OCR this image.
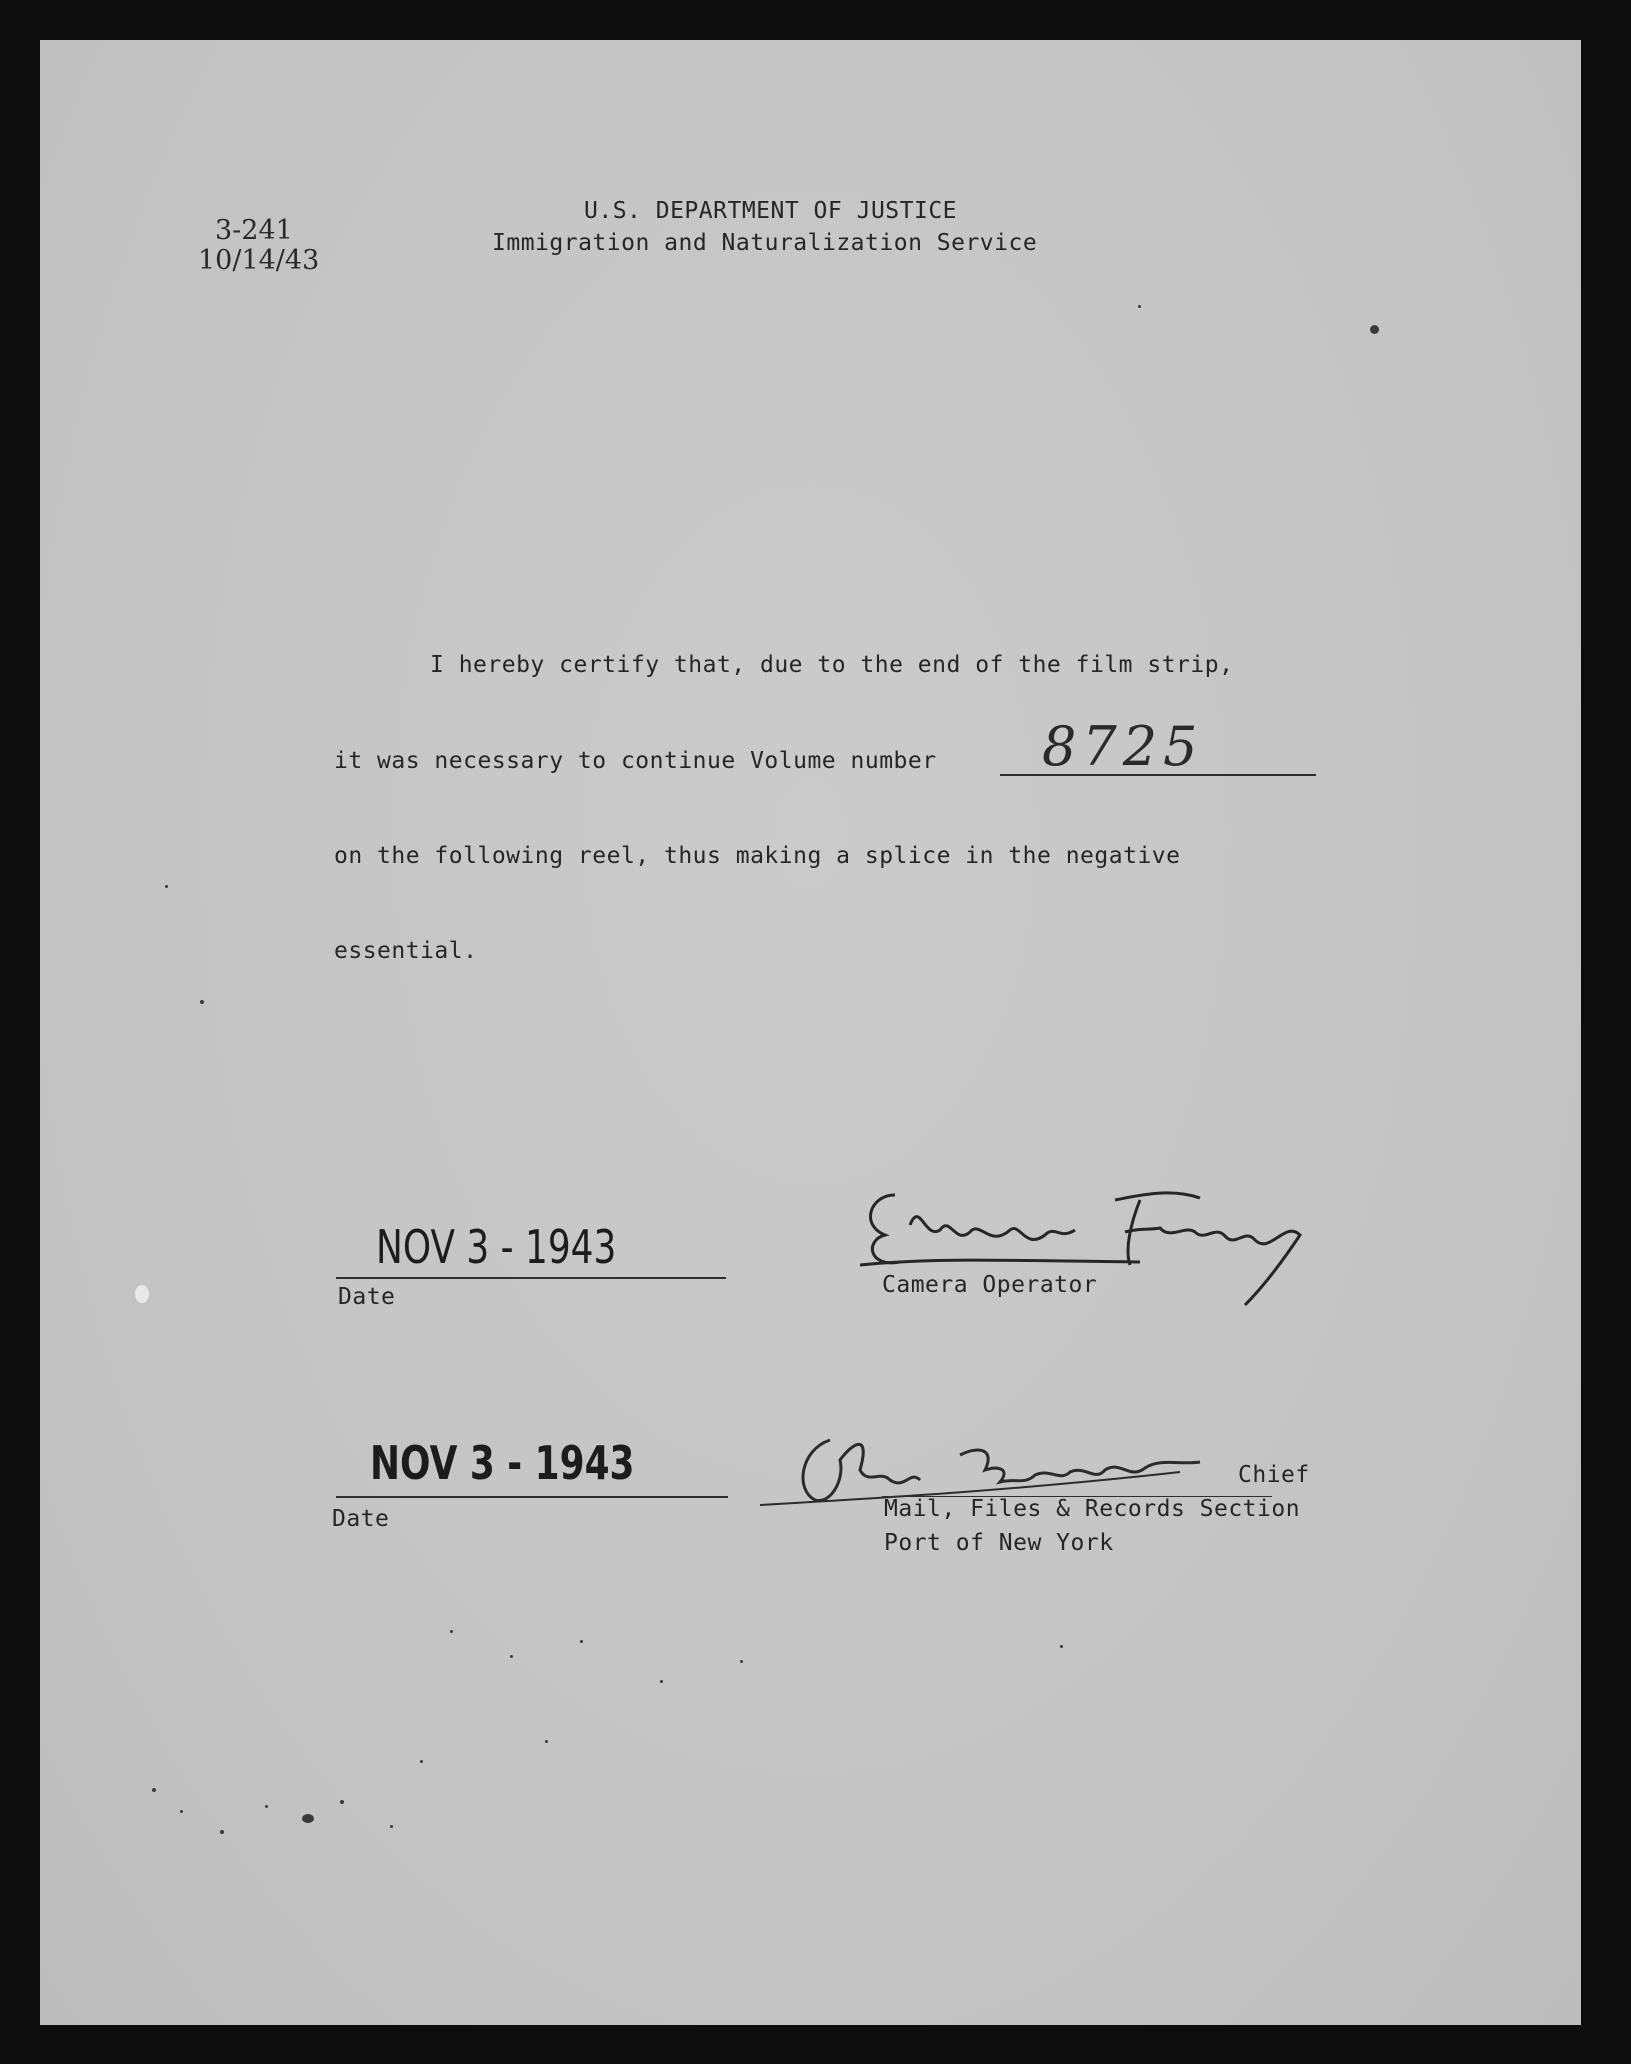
3-241
10/14/43
U.S. DEPARTMENT OF JUSTICE
Immigration and Naturalization Service
I hereby certify that, due to the end of the film strip,
it was necessary to continue Volume number 8725
on the following reel, thus making a splice in the negative
essential.
NOV 3 - 1943
Date	Camera Operator
NOV 3 - 1943
Date
Chief
Mail, Files & Records Section
Port of New York
